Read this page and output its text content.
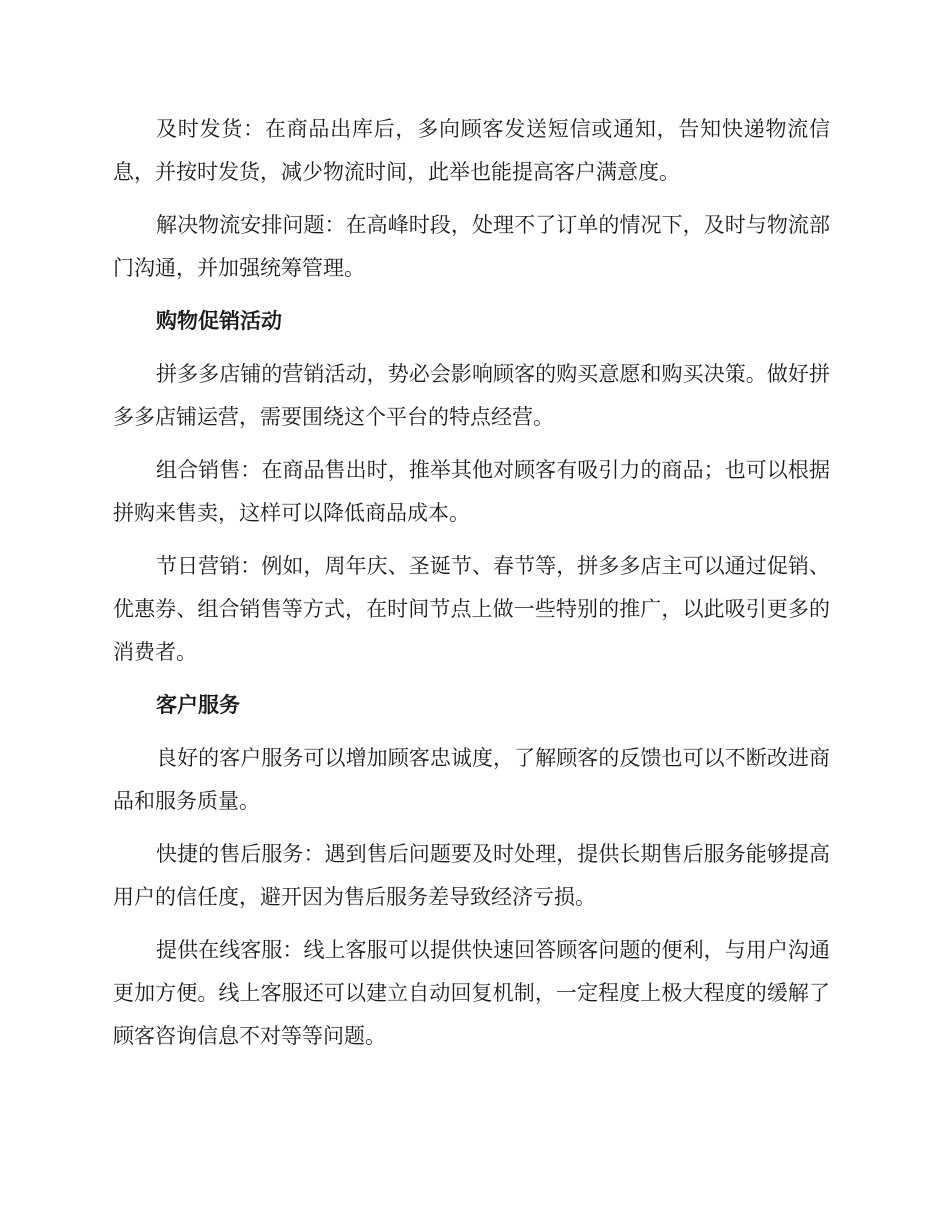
及时发货：在商品出库后，多向顾客发送短信或通知，告知快递物流信息，并按时发货，减少物流时间，此举也能提高客户满意度。

解决物流安排问题：在高峰时段，处理不了订单的情况下，及时与物流部门沟通，并加强统筹管理。

购物促销活动

拼多多店铺的营销活动，势必会影响顾客的购买意愿和购买决策。做好拼多多店铺运营，需要围绕这个平台的特点经营。

组合销售：在商品售出时，推举其他对顾客有吸引力的商品；也可以根据拼购来售卖，这样可以降低商品成本。

节日营销：例如，周年庆、圣诞节、春节等，拼多多店主可以通过促销、优惠券、组合销售等方式，在时间节点上做一些特别的推广，以此吸引更多的消费者。

客户服务

良好的客户服务可以增加顾客忠诚度，了解顾客的反馈也可以不断改进商品和服务质量。

快捷的售后服务：遇到售后问题要及时处理，提供长期售后服务能够提高用户的信任度，避开因为售后服务差导致经济亏损。

提供在线客服：线上客服可以提供快速回答顾客问题的便利，与用户沟通更加方便。线上客服还可以建立自动回复机制，一定程度上极大程度的缓解了顾客咨询信息不对等等问题。
